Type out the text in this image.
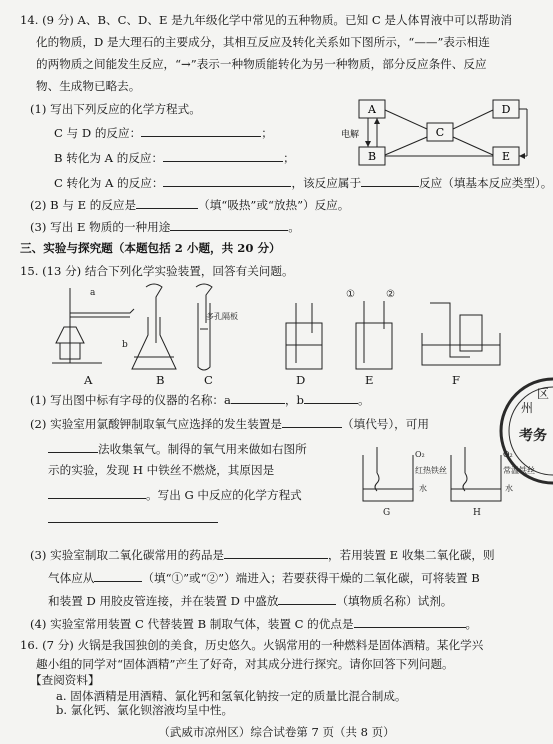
14. (9 分) A、B、C、D、E 是九年级化学中常见的五种物质。已知 C 是人体胃液中可以帮助消
化的物质，D 是大理石的主要成分，其相互反应及转化关系如下图所示，“——”表示相连
的两物质之间能发生反应，“→”表示一种物质能转化为另一种物质，部分反应条件、反应
物、生成物已略去。
(1) 写出下列反应的化学方程式。
C 与 D 的反应：	；
B 转化为 A 的反应：	；
C 转化为 A 的反应：	，该反应属于	反应（填基本反应类型）。
(2) B 与 E 的反应是	（填“吸热”或“放热”）反应。
(3) 写出 E 物质的一种用途	。
A
B
C
D
E
电解
三、实验与探究题（本题包括 2 小题，共 20 分）
15. (13 分) 结合下列化学实验装置，回答有关问题。
a
b
多孔隔板
①	②
A	B	C	D	E	F
(1) 写出图中标有字母的仪器的名称：a	，b	。
(2) 实验室用氯酸钾制取氧气应选择的发生装置是	（填代号），可用
法收集氧气。制得的氧气用来做如右图所
示的实验，发现 H 中铁丝不燃烧，其原因是
。写出 G 中反应的化学方程式
O₂
红热铁丝
水
O₂
常温铁丝
水
G	H
(3) 实验室制取二氧化碳常用的药品是	，若用装置 E 收集二氧化碳，则
气体应从	（填“①”或“②”）端进入；若要获得干燥的二氧化碳，可将装置 B
和装置 D 用胶皮管连接，并在装置 D 中盛放	（填物质名称）试剂。
(4) 实验室常用装置 C 代替装置 B 制取气体，装置 C 的优点是	。
16. (7 分) 火锅是我国独创的美食，历史悠久。火锅常用的一种燃料是固体酒精。某化学兴
趣小组的同学对“固体酒精”产生了好奇，对其成分进行探究。请你回答下列问题。
【查阅资料】
a. 固体酒精是用酒精、氯化钙和氢氧化钠按一定的质量比混合制成。
州
区
考务
（武威市凉州区）综合试卷第 7 页（共 8 页）
b. 氯化钙、氯化钡溶液均呈中性。
